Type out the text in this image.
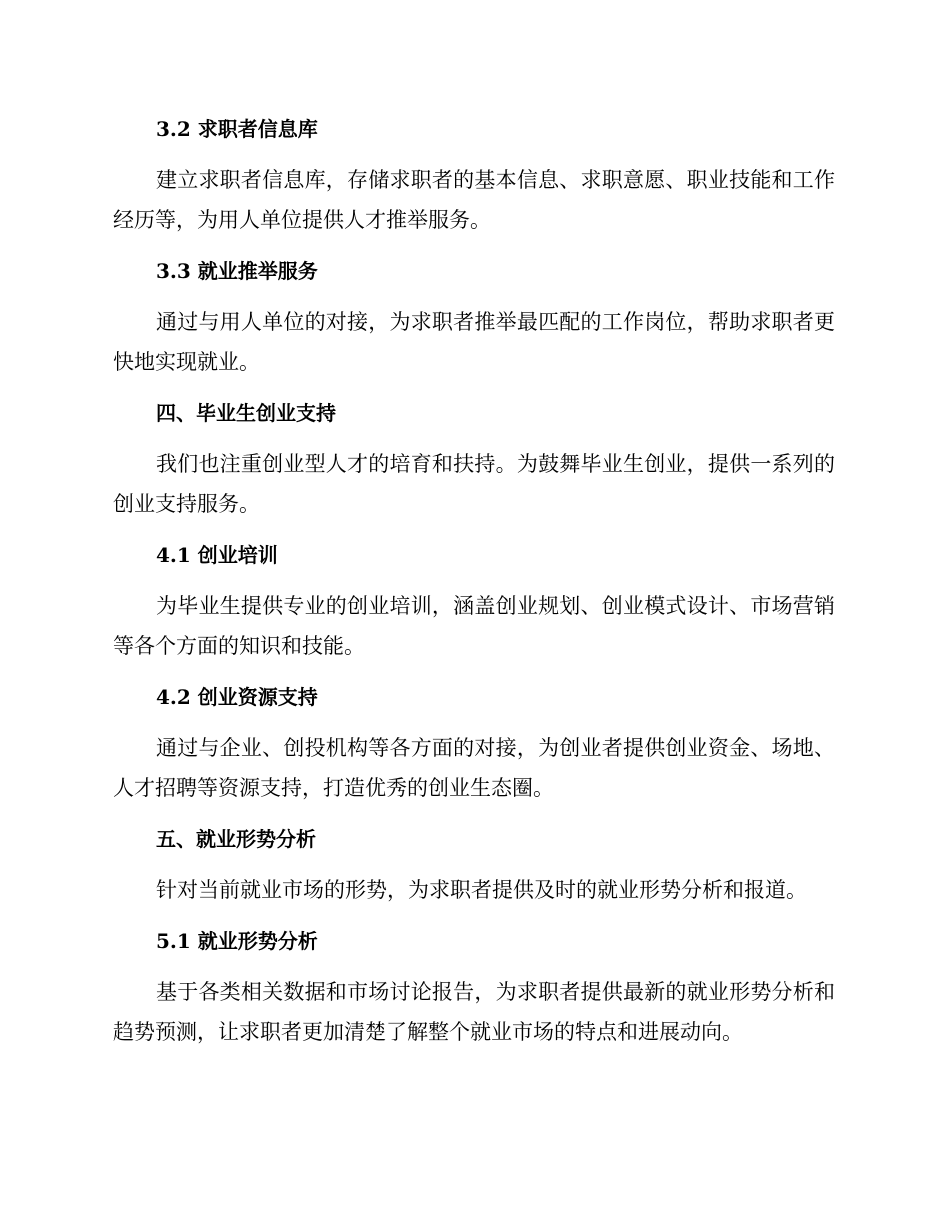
3.2 求职者信息库

建立求职者信息库，存储求职者的基本信息、求职意愿、职业技能和工作经历等，为用人单位提供人才推举服务。

3.3 就业推举服务

通过与用人单位的对接，为求职者推举最匹配的工作岗位，帮助求职者更快地实现就业。

四、毕业生创业支持

我们也注重创业型人才的培育和扶持。为鼓舞毕业生创业，提供一系列的创业支持服务。

4.1 创业培训

为毕业生提供专业的创业培训，涵盖创业规划、创业模式设计、市场营销等各个方面的知识和技能。

4.2 创业资源支持

通过与企业、创投机构等各方面的对接，为创业者提供创业资金、场地、人才招聘等资源支持，打造优秀的创业生态圈。

五、就业形势分析

针对当前就业市场的形势，为求职者提供及时的就业形势分析和报道。

5.1 就业形势分析

基于各类相关数据和市场讨论报告，为求职者提供最新的就业形势分析和趋势预测，让求职者更加清楚了解整个就业市场的特点和进展动向。
